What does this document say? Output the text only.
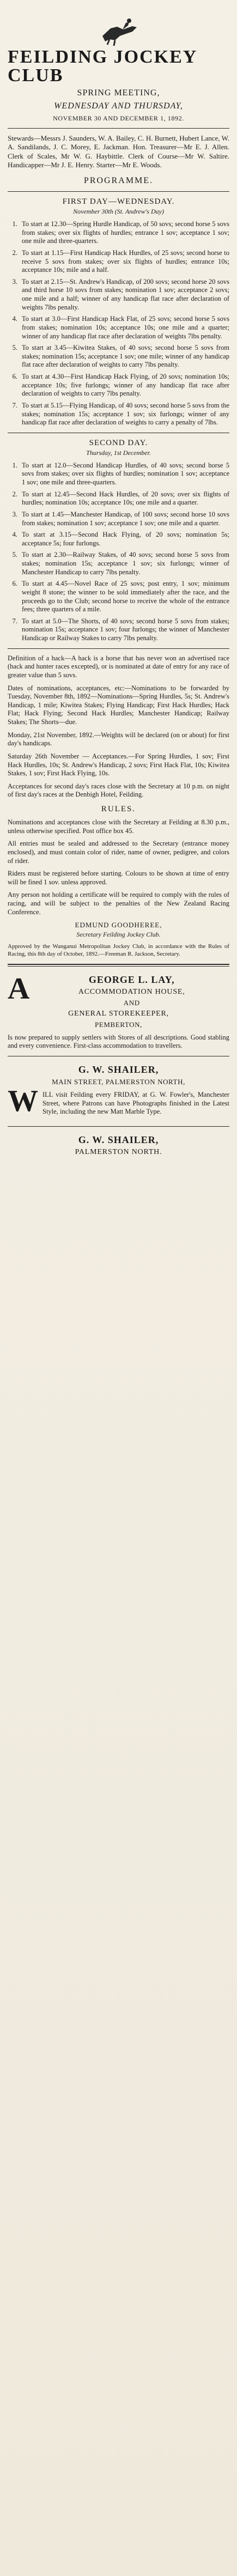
FEILDING JOCKEY CLUB
SPRING MEETING,
WEDNESDAY AND THURSDAY,
NOVEMBER 30 AND DECEMBER 1, 1892.
Stewards—Messrs J. Saunders, W. A. Bailey, C. H. Burnett, Hubert Lance, W. A. Sandilands, J. C. Morey, E. Jackman. Hon. Treasurer—Mr E. J. Allen. Clerk of Scales, Mr W. G. Haybittle. Clerk of Course—Mr W. Saltire. Handicapper—Mr J. E. Henry. Starter—Mr E. Woods.
PROGRAMME.
FIRST DAY—WEDNESDAY.
November 30th (St. Andrew's Day)
1. To start at 12.30—Spring Hurdle Handicap, of 50 sovs; second horse 5 sovs from stakes; over six flights of hurdles; entrance 1 sov; acceptance 1 sov; one mile and three-quarters.
2. To start at 1.15—First Handicap Hack Hurdles, of 25 sovs; second horse to receive 5 sovs from stakes; over six flights of hurdles; entrance 10s; acceptance 10s; mile and a half.
3. To start at 2.15—St. Andrew's Handicap, of 200 sovs; second horse 20 sovs and third horse 10 sovs from stakes; nomination 1 sov; acceptance 2 sovs; one mile and a half; winner of any handicap flat race after declaration of weights 7lbs penalty.
4. To start at 3.0—First Handicap Hack Flat, of 25 sovs; second horse 5 sovs from stakes; nomination 10s; acceptance 10s; one mile and a quarter; winner of any handicap flat race after declaration of weights 7lbs penalty.
5. To start at 3.45—Kiwitea Stakes, of 40 sovs; second horse 5 sovs from stakes; nomination 15s; acceptance 1 sov; one mile; winner of any handicap flat race after declaration of weights to carry 7lbs penalty.
6. To start at 4.30—First Handicap Hack Flying, of 20 sovs; nomination 10s; acceptance 10s; five furlongs; winner of any handicap flat race after declaration of weights to carry 7lbs penalty.
7. To start at 5.15—Flying Handicap, of 40 sovs; second horse 5 sovs from the stakes; nomination 15s; acceptance 1 sov; six furlongs; winner of any handicap flat race after declaration of weights to carry a penalty of 7lbs.
SECOND DAY.
Thursday, 1st December.
1. To start at 12.0—Second Handicap Hurdles, of 40 sovs; second horse 5 sovs from stakes; over six flights of hurdles; nomination 1 sov; acceptance 1 sov; one mile and three-quarters.
2. To start at 12.45—Second Hack Hurdles, of 20 sovs; over six flights of hurdles; nomination 10s; acceptance 10s; one mile and a quarter.
3. To start at 1.45—Manchester Handicap, of 100 sovs; second horse 10 sovs from stakes; nomination 1 sov; acceptance 1 sov; one mile and a quarter.
4. To start at 3.15—Second Hack Flying, of 20 sovs; nomination 5s; acceptance 5s; four furlongs.
5. To start at 2.30—Railway Stakes, of 40 sovs; second horse 5 sovs from stakes; nomination 15s; acceptance 1 sov; six furlongs; winner of Manchester Handicap to carry 7lbs penalty.
6. To start at 4.45—Novel Race of 25 sovs; post entry, 1 sov; minimum weight 8 stone; the winner to be sold immediately after the race, and the proceeds go to the Club; second horse to receive the whole of the entrance fees; three quarters of a mile.
7. To start at 5.0—The Shorts, of 40 sovs; second horse 5 sovs from stakes; nomination 15s; acceptance 1 sov; four furlongs; the winner of Manchester Handicap or Railway Stakes to carry 7lbs penalty.
Definition of a hack—A hack is a horse that has never won an advertised race (hack and hunter races excepted), or is nominated at date of entry for any race of greater value than 5 sovs.
Dates of nominations, acceptances, etc:—Nominations to be forwarded by Tuesday, November 8th, 1892—Nominations—Spring Hurdles, 5s; St. Andrew's Handicap, 1 mile; Kiwitea Stakes; Flying Handicap; First Hack Hurdles; Hack Flat; Hack Flying; Second Hack Hurdles; Manchester Handicap; Railway Stakes; The Shorts—due.
Monday, 21st November, 1892.—Weights will be declared (on or about) for first day's handicaps.
Saturday 26th November — Acceptances.—For Spring Hurdles, 1 sov; First Hack Hurdles, 10s; St. Andrew's Handicap, 2 sovs; First Hack Flat, 10s; Kiwitea Stakes, 1 sov; First Hack Flying, 10s.
Acceptances for second day's races close with the Secretary at 10 p.m. on night of first day's races at the Denbigh Hotel, Feilding.
RULES.
Nominations and acceptances close with the Secretary at Feilding at 8.30 p.m., unless otherwise specified. Post office box 45.
All entries must be sealed and addressed to the Secretary (entrance money enclosed), and must contain color of rider, name of owner, pedigree, and colors of rider.
Riders must be registered before starting. Colours to be shown at time of entry will be fined 1 sov. unless approved.
Any person not holding a certificate will be required to comply with the rules of racing, and will be subject to the penalties of the New Zealand Racing Conference.
EDMUND GOODHEREE,
Secretary Feilding Jockey Club.
Approved by the Wanganui Metropolitan Jockey Club, in accordance with the Rules of Racing, this 8th day of October, 1892.—Freeman R. Jackson, Secretary.
A	GEORGE L. LAY,
ACCOMMODATION HOUSE,
AND
GENERAL STOREKEEPER,
PEMBERTON,
Is now prepared to supply settlers with Stores of all descriptions. Good stabling and every convenience. First-class accommodation to travellers.
G. W. SHAILER,
MAIN STREET, PALMERSTON NORTH,
W ILL visit Feilding every FRIDAY, at G. W. Fowler's, Manchester Street, where Patrons can have Photographs finished in the Latest Style, including the new Matt Marble Type.
G. W. SHAILER,
PALMERSTON NORTH.
